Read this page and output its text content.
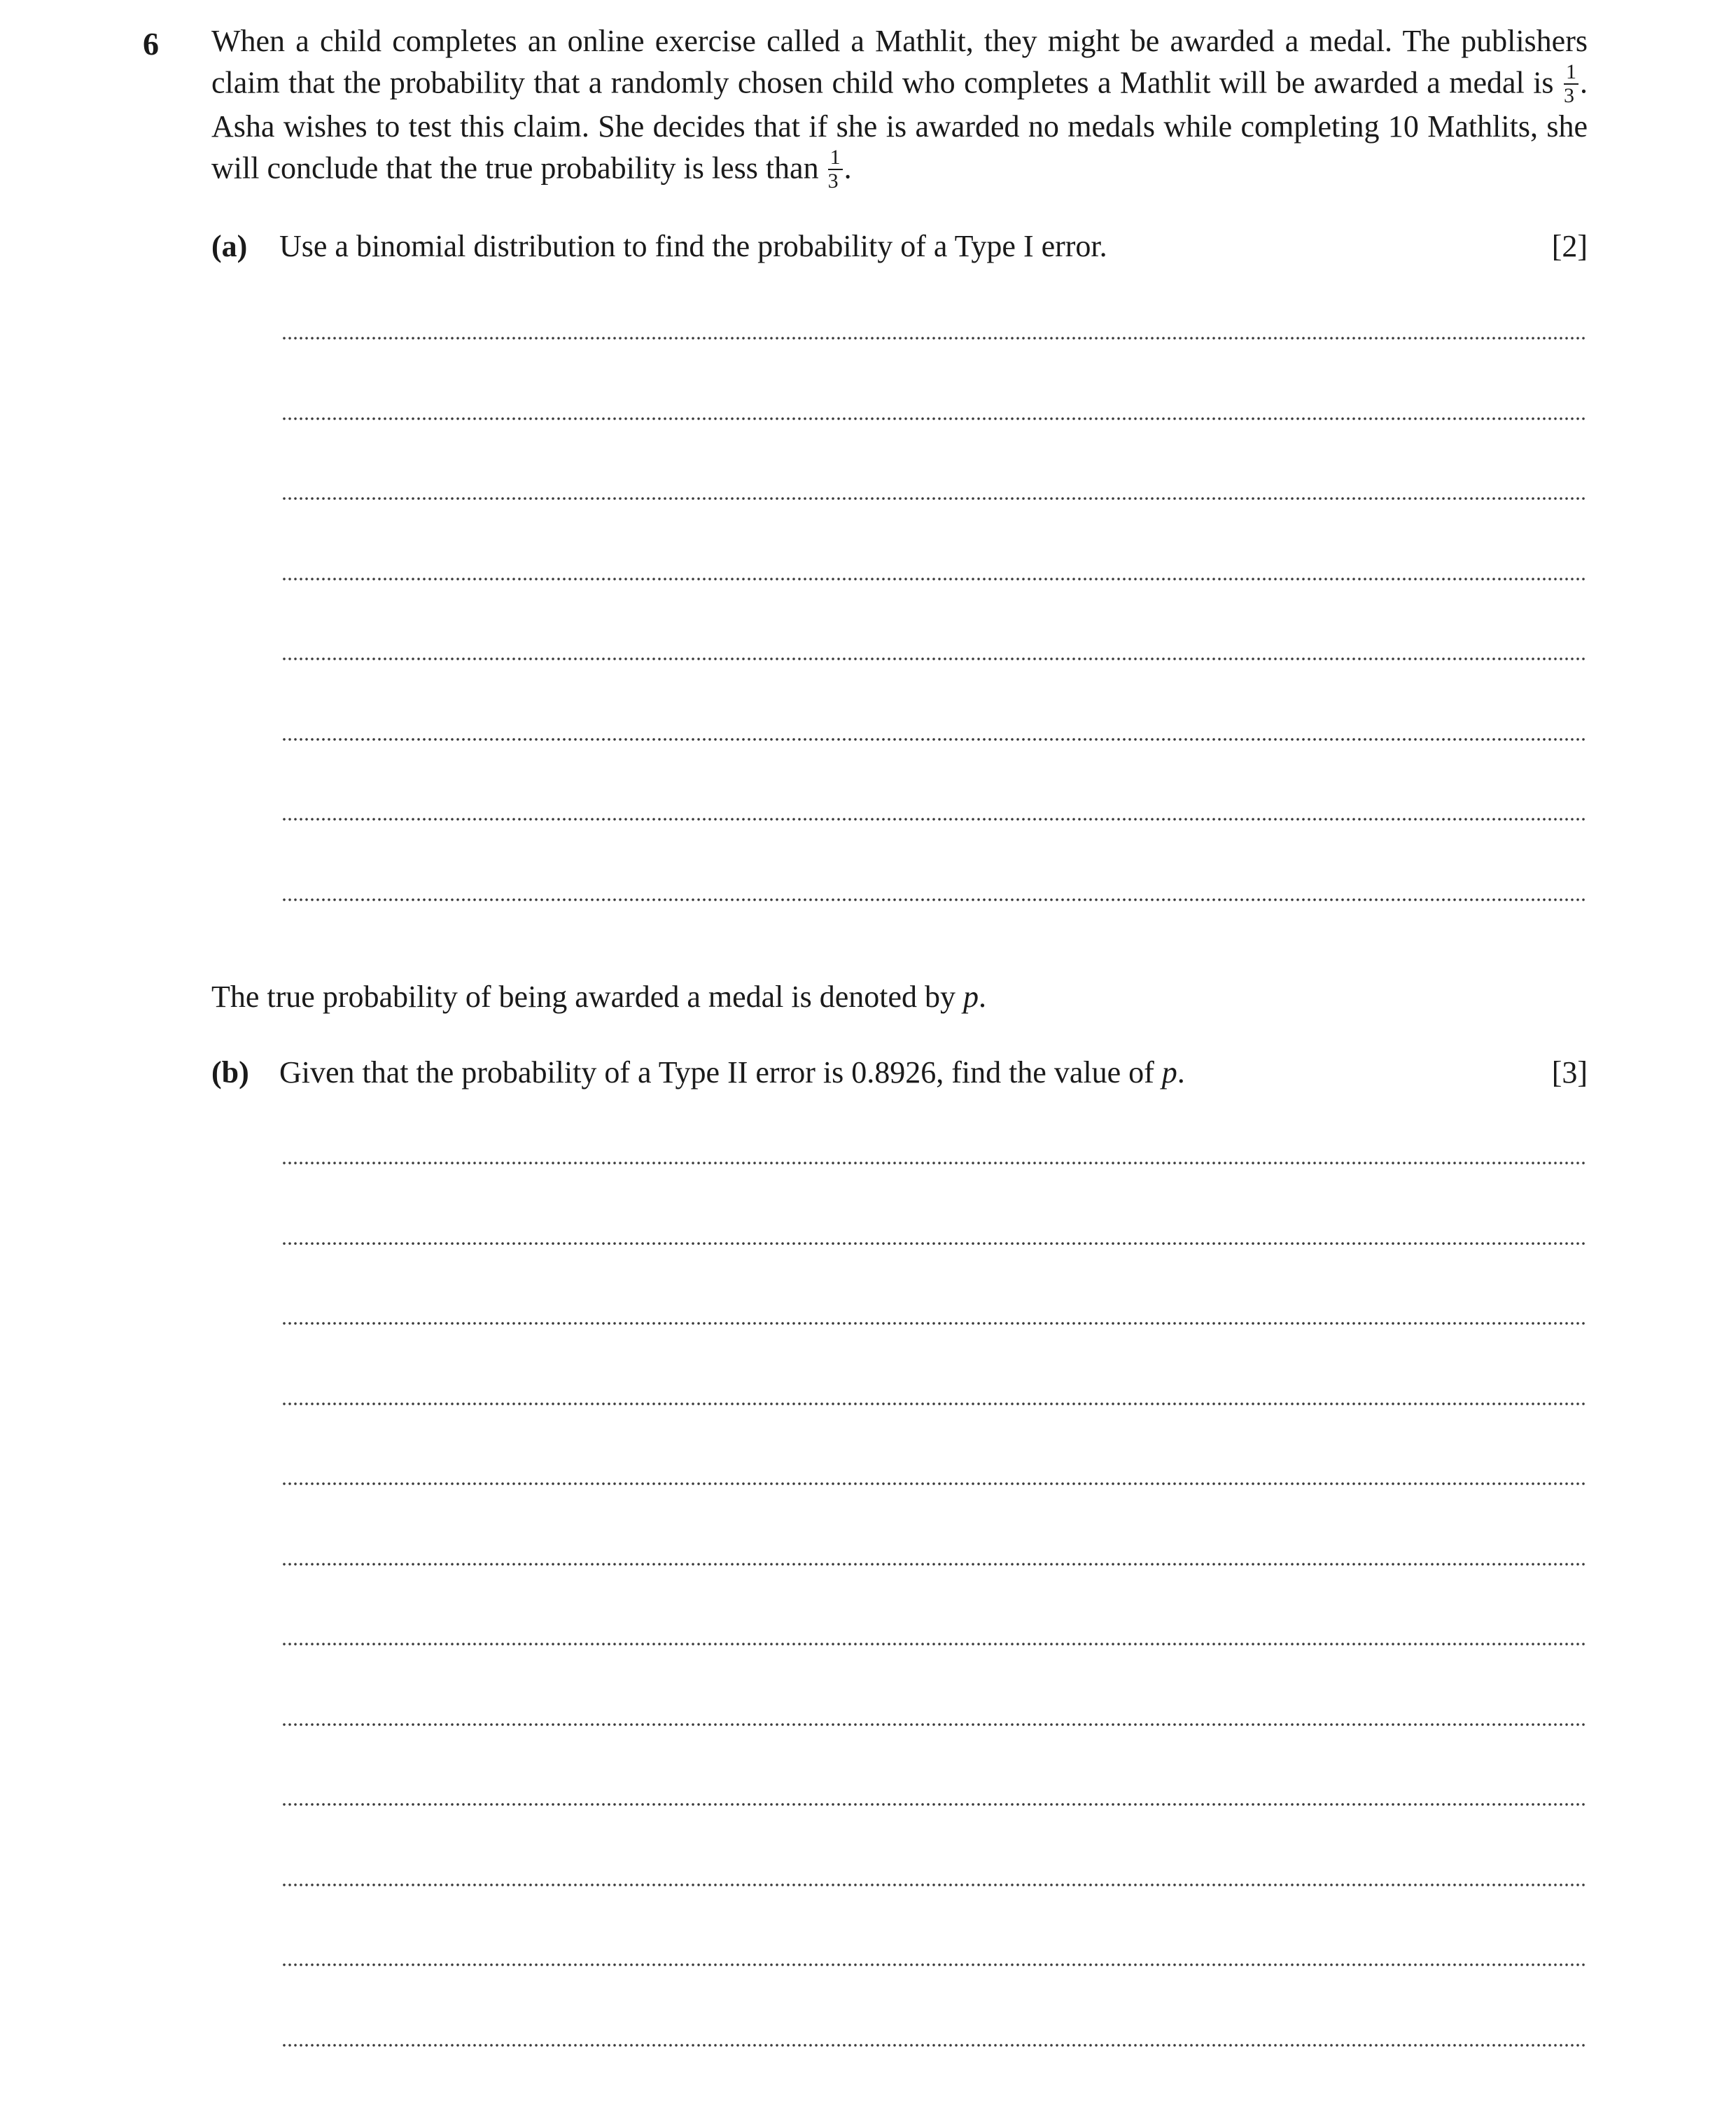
6 When a child completes an online exercise called a Mathlit, they might be awarded a medal. The publishers claim that the probability that a randomly chosen child who completes a Mathlit will be awarded a medal is $\frac{1}{3}$ . Asha wishes to test this claim. She decides that if she is awarded no medals while completing 10 Mathlits, she will conclude that the true probability is less than $\frac{1}{3}$ .
(a) Use a binomial distribution to find the probability of a Type I error.	[2]
The true probability of being awarded a medal is denoted by p.
(b) Given that the probability of a Type II error is 0.8926, find the value of p.	[3]
